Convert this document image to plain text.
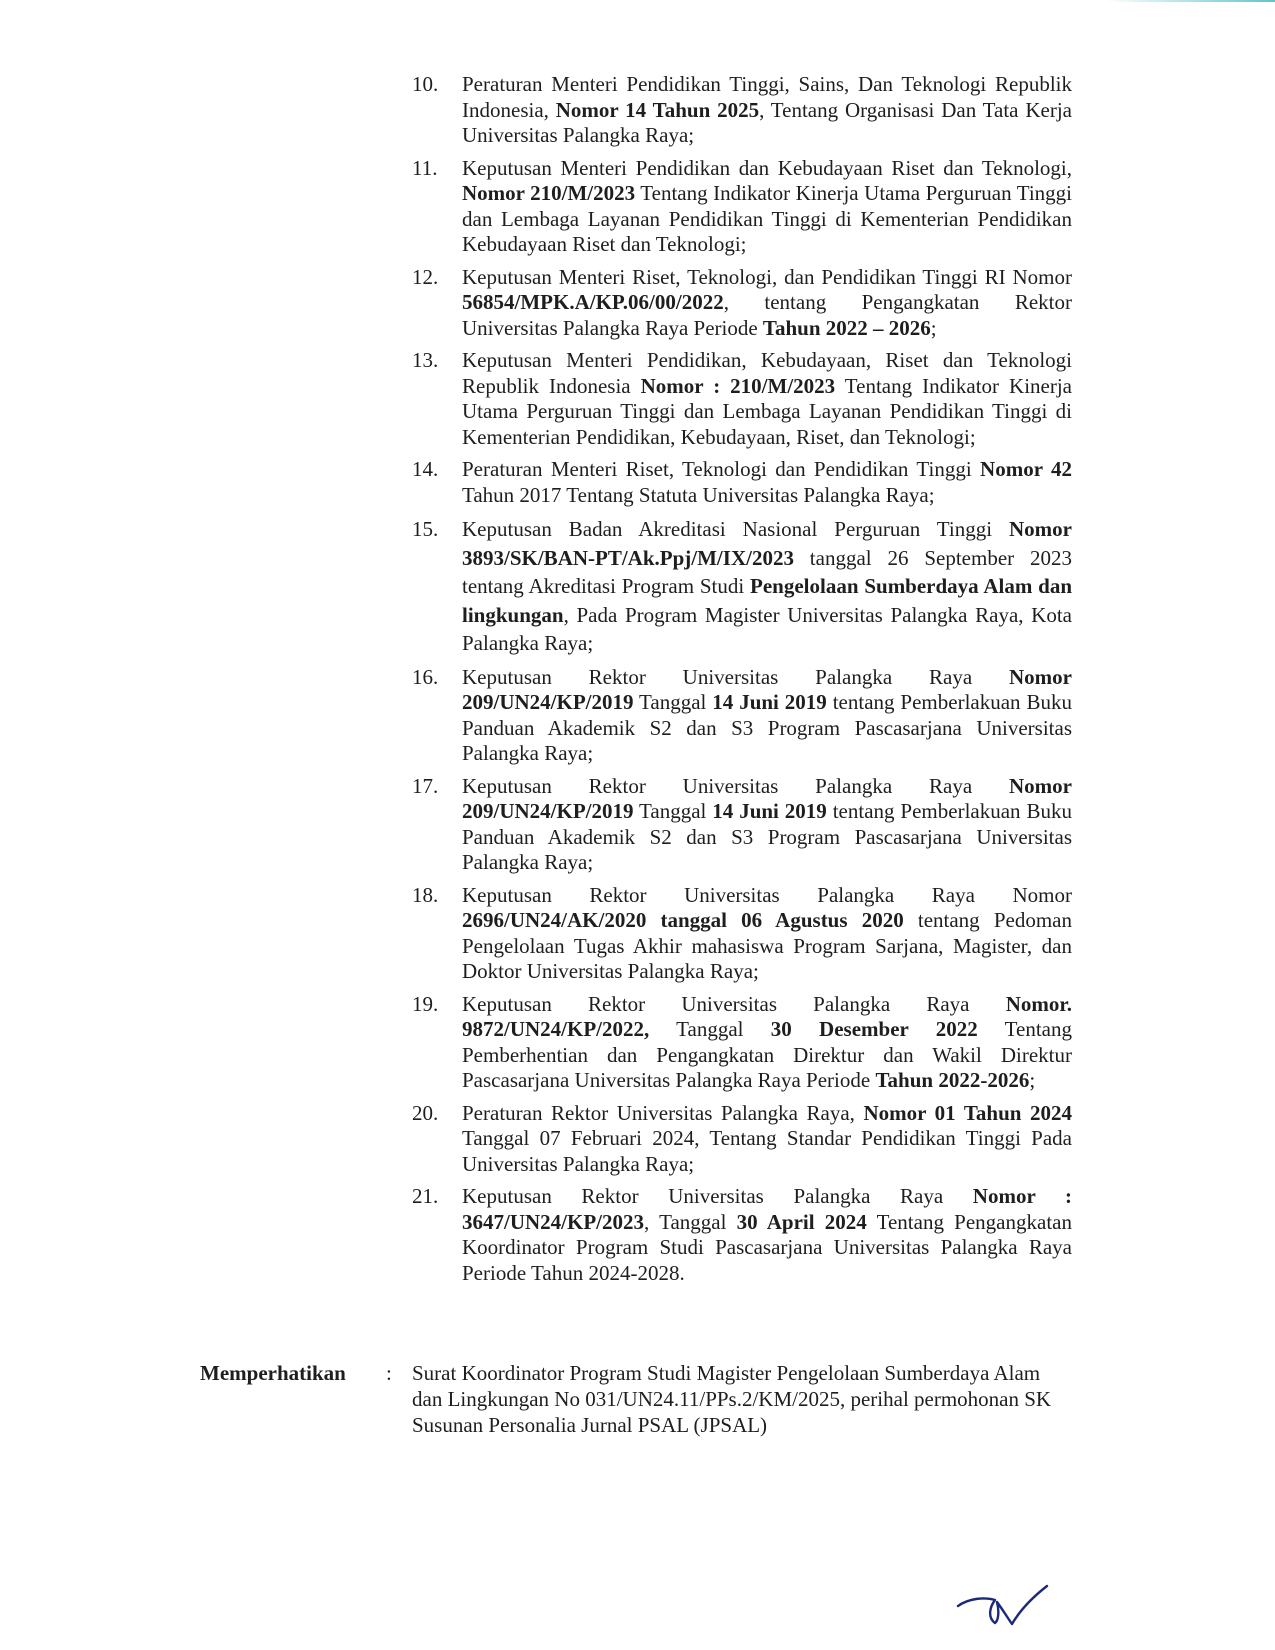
10. Peraturan Menteri Pendidikan Tinggi, Sains, Dan Teknologi Republik Indonesia, Nomor 14 Tahun 2025, Tentang Organisasi Dan Tata Kerja Universitas Palangka Raya;
11. Keputusan Menteri Pendidikan dan Kebudayaan Riset dan Teknologi, Nomor 210/M/2023 Tentang Indikator Kinerja Utama Perguruan Tinggi dan Lembaga Layanan Pendidikan Tinggi di Kementerian Pendidikan Kebudayaan Riset dan Teknologi;
12. Keputusan Menteri Riset, Teknologi, dan Pendidikan Tinggi RI Nomor 56854/MPK.A/KP.06/00/2022, tentang Pengangkatan Rektor Universitas Palangka Raya Periode Tahun 2022 – 2026;
13. Keputusan Menteri Pendidikan, Kebudayaan, Riset dan Teknologi Republik Indonesia Nomor : 210/M/2023 Tentang Indikator Kinerja Utama Perguruan Tinggi dan Lembaga Layanan Pendidikan Tinggi di Kementerian Pendidikan, Kebudayaan, Riset, dan Teknologi;
14. Peraturan Menteri Riset, Teknologi dan Pendidikan Tinggi Nomor 42 Tahun 2017 Tentang Statuta Universitas Palangka Raya;
15. Keputusan Badan Akreditasi Nasional Perguruan Tinggi Nomor 3893/SK/BAN-PT/Ak.Ppj/M/IX/2023 tanggal 26 September 2023 tentang Akreditasi Program Studi Pengelolaan Sumberdaya Alam dan lingkungan, Pada Program Magister Universitas Palangka Raya, Kota Palangka Raya;
16. Keputusan Rektor Universitas Palangka Raya Nomor 209/UN24/KP/2019 Tanggal 14 Juni 2019 tentang Pemberlakuan Buku Panduan Akademik S2 dan S3 Program Pascasarjana Universitas Palangka Raya;
17. Keputusan Rektor Universitas Palangka Raya Nomor 209/UN24/KP/2019 Tanggal 14 Juni 2019 tentang Pemberlakuan Buku Panduan Akademik S2 dan S3 Program Pascasarjana Universitas Palangka Raya;
18. Keputusan Rektor Universitas Palangka Raya Nomor 2696/UN24/AK/2020 tanggal 06 Agustus 2020 tentang Pedoman Pengelolaan Tugas Akhir mahasiswa Program Sarjana, Magister, dan Doktor Universitas Palangka Raya;
19. Keputusan Rektor Universitas Palangka Raya Nomor. 9872/UN24/KP/2022, Tanggal 30 Desember 2022 Tentang Pemberhentian dan Pengangkatan Direktur dan Wakil Direktur Pascasarjana Universitas Palangka Raya Periode Tahun 2022-2026;
20. Peraturan Rektor Universitas Palangka Raya, Nomor 01 Tahun 2024 Tanggal 07 Februari 2024, Tentang Standar Pendidikan Tinggi Pada Universitas Palangka Raya;
21. Keputusan Rektor Universitas Palangka Raya Nomor : 3647/UN24/KP/2023, Tanggal 30 April 2024 Tentang Pengangkatan Koordinator Program Studi Pascasarjana Universitas Palangka Raya Periode Tahun 2024-2028.
Memperhatikan : Surat Koordinator Program Studi Magister Pengelolaan Sumberdaya Alam dan Lingkungan No 031/UN24.11/PPs.2/KM/2025, perihal permohonan SK Susunan Personalia Jurnal PSAL (JPSAL)
